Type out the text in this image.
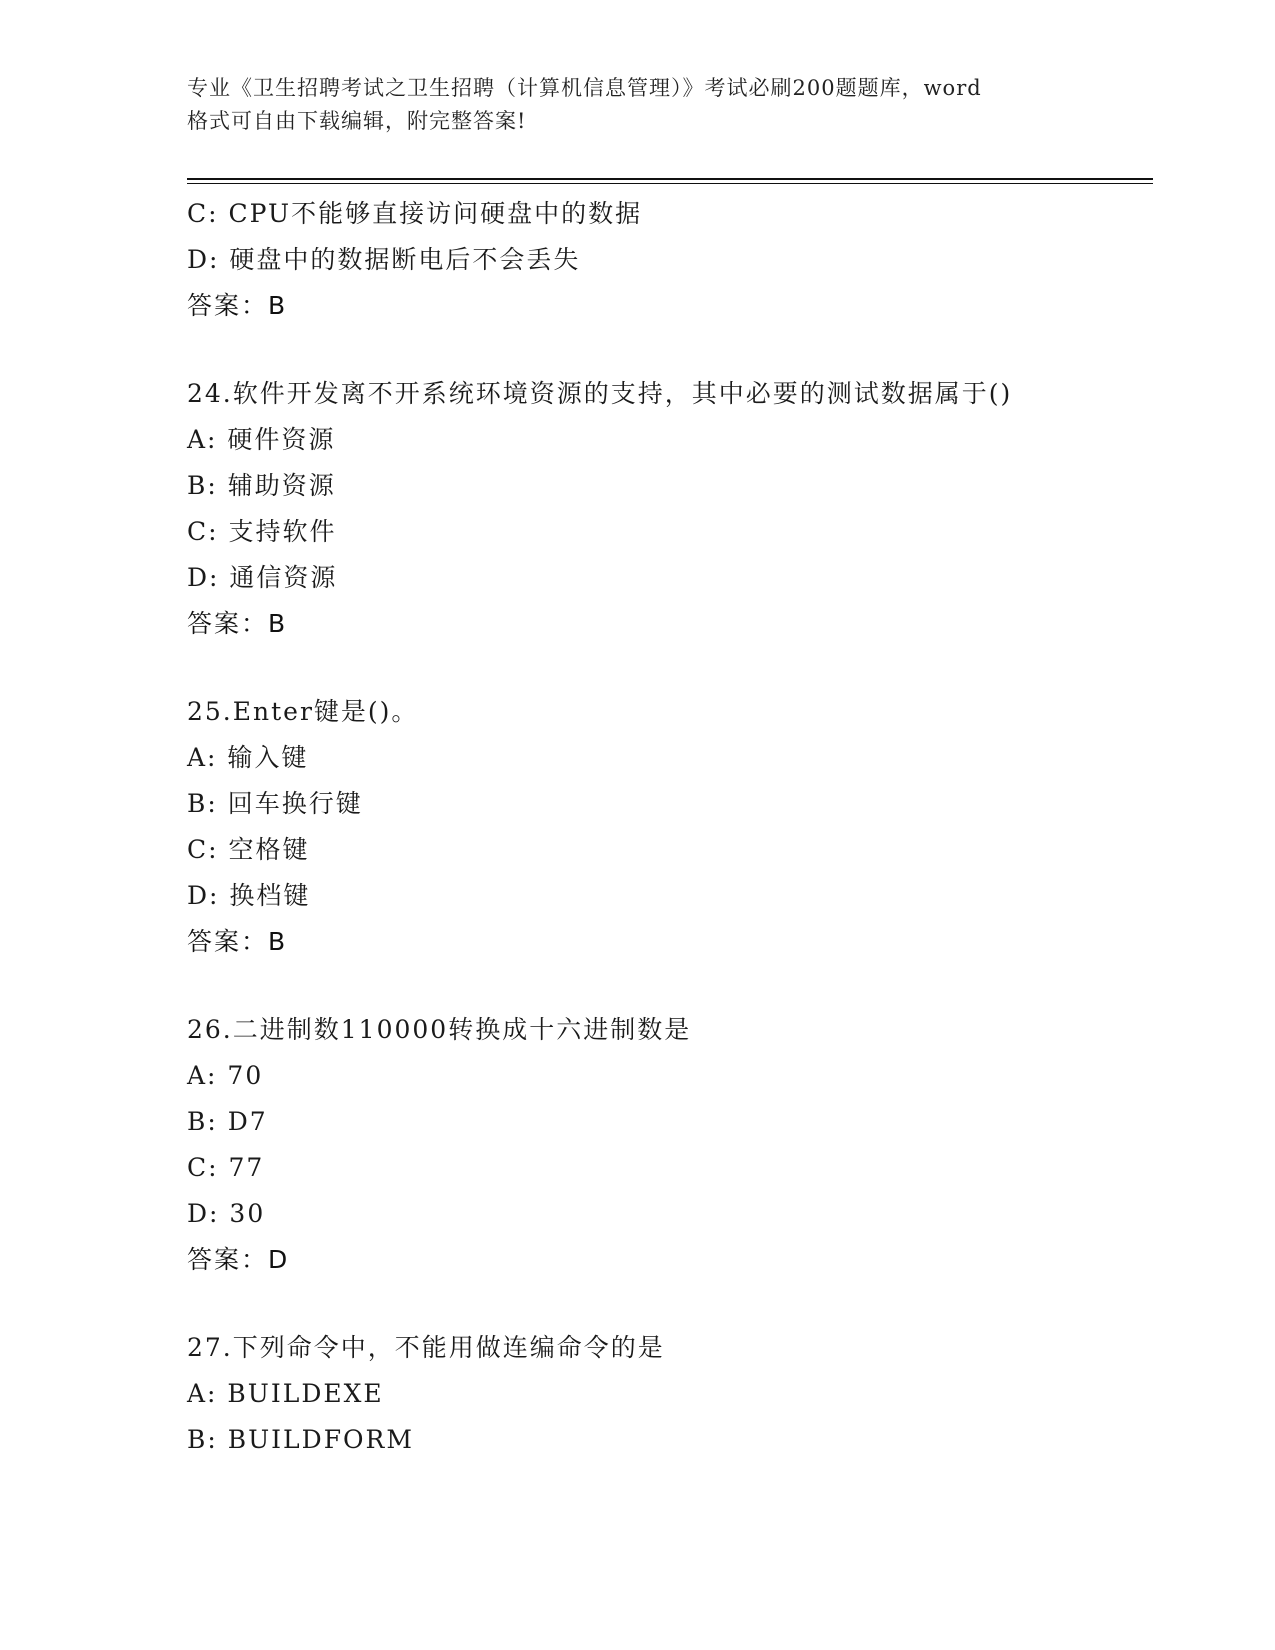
专业《卫生招聘考试之卫生招聘（计算机信息管理）》考试必刷200题题库，word
格式可自由下载编辑，附完整答案!
C: CPU不能够直接访问硬盘中的数据
D: 硬盘中的数据断电后不会丢失
答案：B
24.软件开发离不开系统环境资源的支持，其中必要的测试数据属于()
A: 硬件资源
B: 辅助资源
C: 支持软件
D: 通信资源
答案：B
25.Enter键是()。
A: 输入键
B: 回车换行键
C: 空格键
D: 换档键
答案：B
26.二进制数110000转换成十六进制数是
A: 70
B: D7
C: 77
D: 30
答案：D
27.下列命令中，不能用做连编命令的是
A: BUILDEXE
B: BUILDFORM
